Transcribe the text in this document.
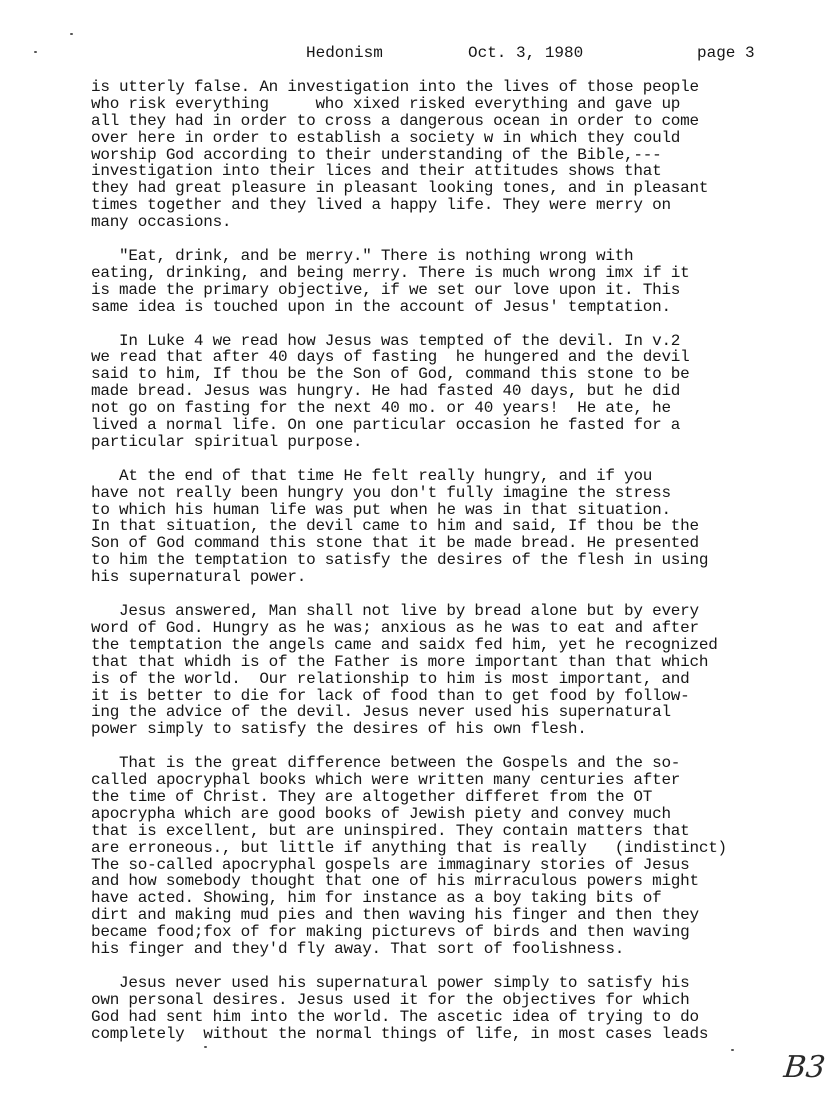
Hedonism	Oct. 3, 1980	page 3
is utterly false. An investigation into the lives of those people
who risk everything     who xixed risked everything and gave up
all they had in order to cross a dangerous ocean in order to come
over here in order to establish a society w in which they could
worship God according to their understanding of the Bible,---
investigation into their lices and their attitudes shows that
they had great pleasure in pleasant looking tones, and in pleasant
times together and they lived a happy life. They were merry on
many occasions.
"Eat, drink, and be merry." There is nothing wrong with
eating, drinking, and being merry. There is much wrong imx if it
is made the primary objective, if we set our love upon it. This
same idea is touched upon in the account of Jesus' temptation.
In Luke 4 we read how Jesus was tempted of the devil. In v.2
we read that after 40 days of fasting  he hungered and the devil
said to him, If thou be the Son of God, command this stone to be
made bread. Jesus was hungry. He had fasted 40 days, but he did
not go on fasting for the next 40 mo. or 40 years!  He ate, he
lived a normal life. On one particular occasion he fasted for a
particular spiritual purpose.
At the end of that time He felt really hungry, and if you
have not really been hungry you don't fully imagine the stress
to which his human life was put when he was in that situation.
In that situation, the devil came to him and said, If thou be the
Son of God command this stone that it be made bread. He presented
to him the temptation to satisfy the desires of the flesh in using
his supernatural power.
Jesus answered, Man shall not live by bread alone but by every
word of God. Hungry as he was; anxious as he was to eat and after
the temptation the angels came and saidx fed him, yet he recognized
that that whidh is of the Father is more important than that which
is of the world.  Our relationship to him is most important, and
it is better to die for lack of food than to get food by follow-
ing the advice of the devil. Jesus never used his supernatural
power simply to satisfy the desires of his own flesh.
That is the great difference between the Gospels and the so-
called apocryphal books which were written many centuries after
the time of Christ. They are altogether differet from the OT
apocrypha which are good books of Jewish piety and convey much
that is excellent, but are uninspired. They contain matters that
are erroneous., but little if anything that is really   (indistinct)
The so-called apocryphal gospels are immaginary stories of Jesus
and how somebody thought that one of his mirraculous powers might
have acted. Showing, him for instance as a boy taking bits of
dirt and making mud pies and then waving his finger and then they
became food;fox of for making picturevs of birds and then waving
his finger and they'd fly away. That sort of foolishness.
Jesus never used his supernatural power simply to satisfy his
own personal desires. Jesus used it for the objectives for which
God had sent him into the world. The ascetic idea of trying to do
completely  without the normal things of life, in most cases leads
B3
